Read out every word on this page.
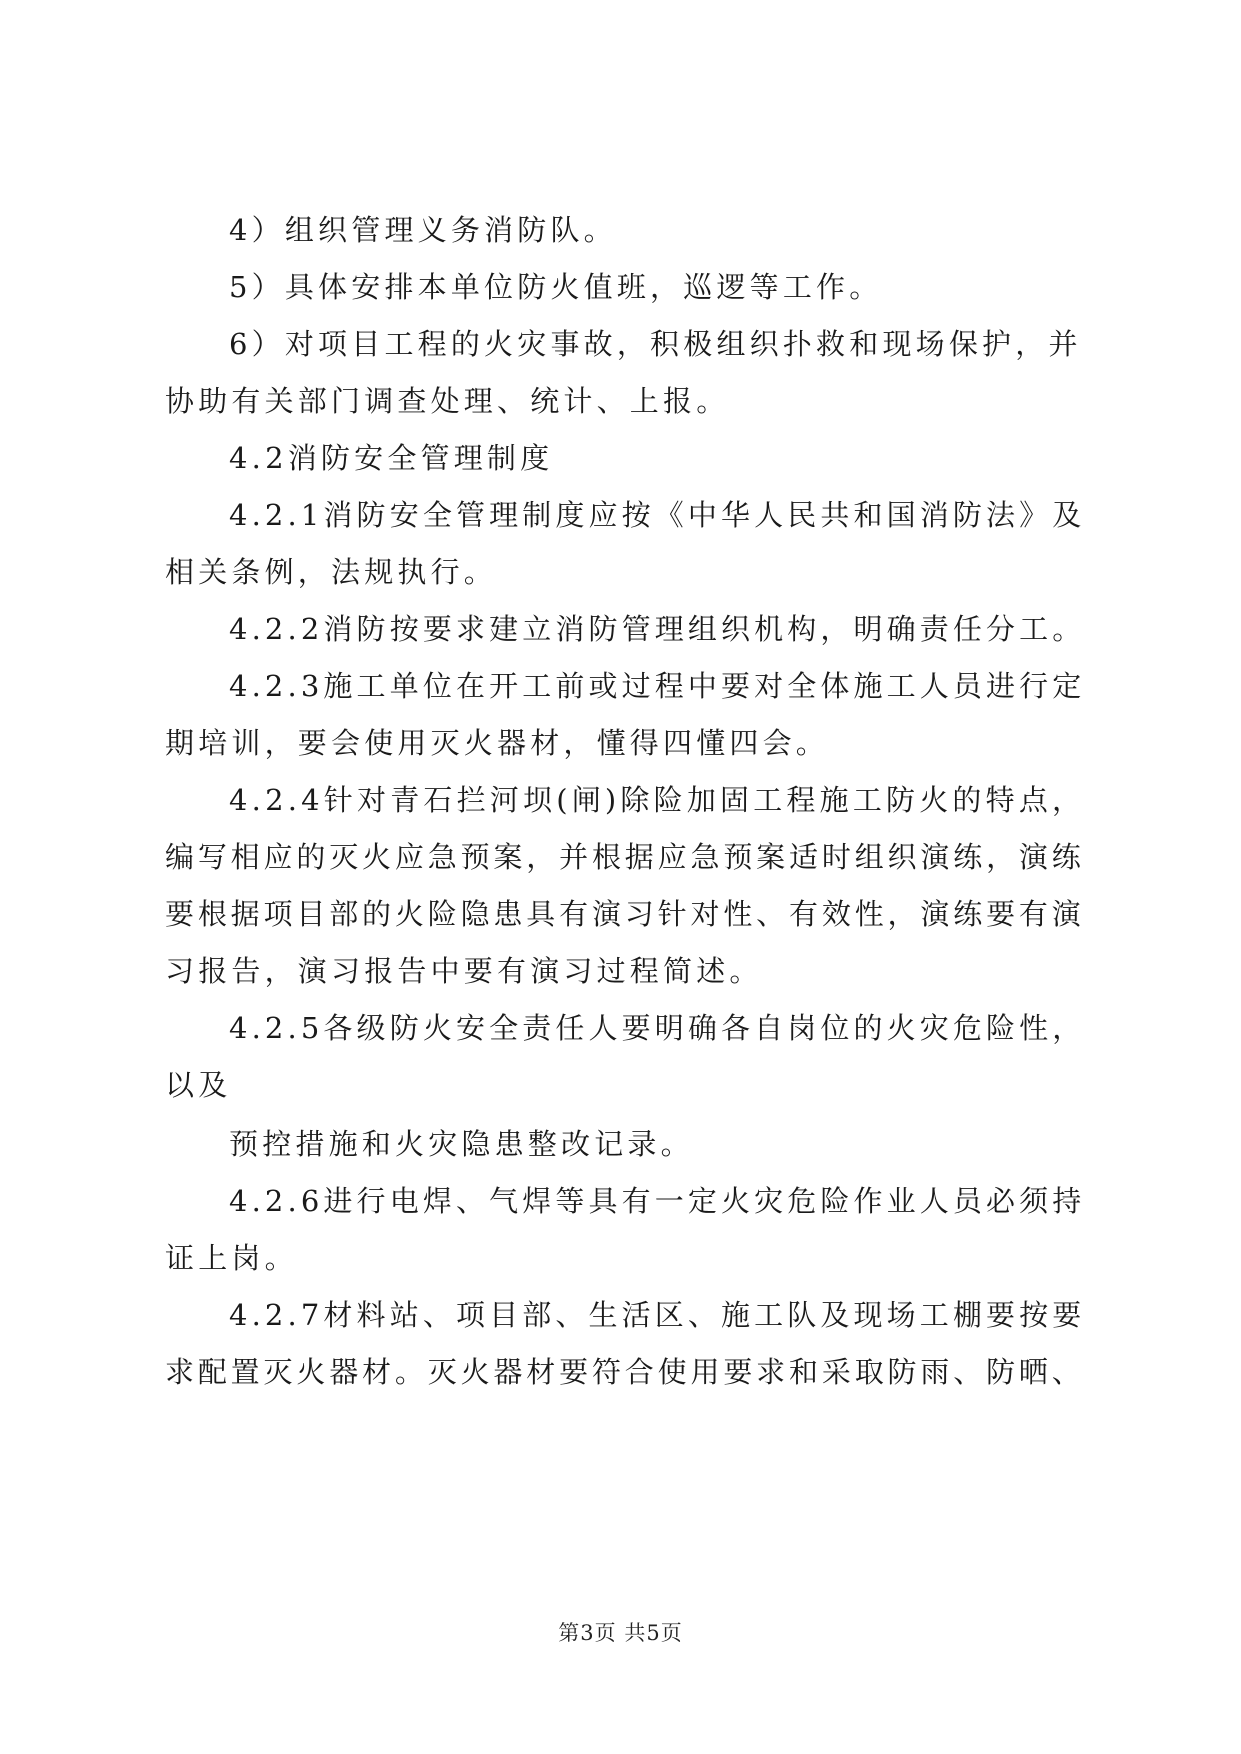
4）组织管理义务消防队。
5）具体安排本单位防火值班，巡逻等工作。
6）对项目工程的火灾事故，积极组织扑救和现场保护，并
协助有关部门调查处理、统计、上报。
4.2消防安全管理制度
4.2.1消防安全管理制度应按《中华人民共和国消防法》及
相关条例，法规执行。
4.2.2消防按要求建立消防管理组织机构，明确责任分工。
4.2.3施工单位在开工前或过程中要对全体施工人员进行定
期培训，要会使用灭火器材，懂得四懂四会。
4.2.4针对青石拦河坝(闸)除险加固工程施工防火的特点，
编写相应的灭火应急预案，并根据应急预案适时组织演练，演练
要根据项目部的火险隐患具有演习针对性、有效性，演练要有演
习报告，演习报告中要有演习过程简述。
4.2.5各级防火安全责任人要明确各自岗位的火灾危险性，
以及
预控措施和火灾隐患整改记录。
4.2.6进行电焊、气焊等具有一定火灾危险作业人员必须持
证上岗。
4.2.7材料站、项目部、生活区、施工队及现场工棚要按要
求配置灭火器材。灭火器材要符合使用要求和采取防雨、防晒、
第3页 共5页
